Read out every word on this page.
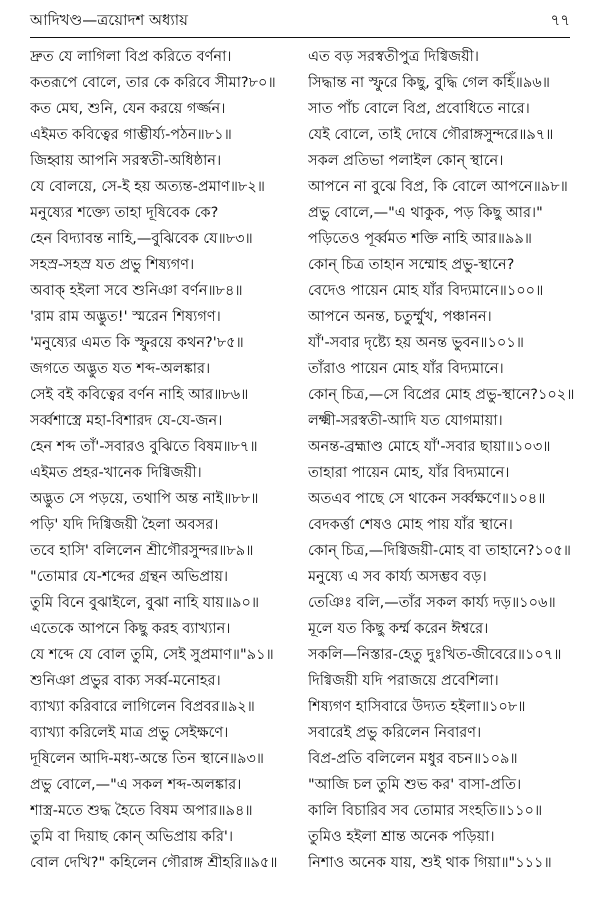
আদিখণ্ড—ত্রয়োদশ অধ্যায়	৭৭
দ্রুত যে লাগিলা বিপ্র করিতে বর্ণনা।
কতরূপে বোলে, তার কে করিবে সীমা?৮০॥
কত মেঘ, শুনি, যেন করয়ে গর্জ্জন।
এইমত কবিত্বের গাম্ভীর্য্য-পঠন॥৮১॥
জিহ্বায় আপনি সরস্বতী-অধিষ্ঠান।
যে বোলয়ে, সে-ই হয় অত্যন্ত-প্রমাণ॥৮২॥
মনুষ্যের শক্ত্যে তাহা দূষিবেক কে?
হেন বিদ্যাবন্ত নাহি,—বুঝিবেক যে॥৮৩॥
সহস্র-সহস্র যত প্রভু শিষ্যগণ।
অবাক্ হইলা সবে শুনিঞা বর্ণন॥৮৪॥
'রাম রাম অদ্ভুত!' স্মরেন শিষ্যগণ।
'মনুষ্যের এমত কি স্ফুরয়ে কথন?'৮৫॥
জগতে অদ্ভুত যত শব্দ-অলঙ্কার।
সেই বই কবিত্বের বর্ণন নাহি আর॥৮৬॥
সর্ব্বশাস্ত্রে মহা-বিশারদ যে-যে-জন।
হেন শব্দ তাঁ'-সবারও বুঝিতে বিষম॥৮৭॥
এইমত প্রহর-খানেক দিগ্বিজয়ী।
অদ্ভুত সে পড়য়ে, তথাপি অন্ত নাই॥৮৮॥
পড়ি' যদি দিগ্বিজয়ী হৈলা অবসর।
তবে হাসি' বলিলেন শ্রীগৌরসুন্দর॥৮৯॥
"তোমার যে-শব্দের গ্রন্থন অভিপ্রায়।
তুমি বিনে বুঝাইলে, বুঝা নাহি যায়॥৯০॥
এতেকে আপনে কিছু করহ ব্যাখ্যান।
যে শব্দে যে বোল তুমি, সেই সুপ্রমাণ॥"৯১॥
শুনিঞা প্রভুর বাক্য সর্ব্ব-মনোহর।
ব্যাখ্যা করিবারে লাগিলেন বিপ্রবর॥৯২॥
ব্যাখ্যা করিলেই মাত্র প্রভু সেইক্ষণে।
দূষিলেন আদি-মধ্য-অন্তে তিন স্থানে॥৯৩॥
প্রভু বোলে,—"এ সকল শব্দ-অলঙ্কার।
শাস্ত্র-মতে শুদ্ধ হৈতে বিষম অপার॥৯৪॥
তুমি বা দিয়াছ কোন্ অভিপ্রায় করি'।
বোল দেখি?" কহিলেন গৌরাঙ্গ শ্রীহরি॥৯৫॥
এত বড় সরস্বতীপুত্র দিগ্বিজয়ী।
সিদ্ধান্ত না স্ফুরে কিছু, বুদ্ধি গেল কহিঁ॥৯৬॥
সাত পাঁচ বোলে বিপ্র, প্রবোধিতে নারে।
যেই বোলে, তাই দোষে গৌরাঙ্গসুন্দরে॥৯৭॥
সকল প্রতিভা পলাইল কোন্ স্থানে।
আপনে না বুঝে বিপ্র, কি বোলে আপনে॥৯৮॥
প্রভু বোলে,—"এ থাকুক, পড় কিছু আর।"
পড়িতেও পূর্ব্বমত শক্তি নাহি আর॥৯৯॥
কোন্ চিত্র তাহান সম্মোহ প্রভু-স্থানে?
বেদেও পায়েন মোহ যাঁর বিদ্যমানে॥১০০॥
আপনে অনন্ত, চতুর্ম্মুখ, পঞ্চানন।
যাঁ'-সবার দৃষ্ট্যে হয় অনন্ত ভুবন॥১০১॥
তাঁরাও পায়েন মোহ যাঁর বিদ্যমানে।
কোন্ চিত্র,—সে বিপ্রের মোহ প্রভু-স্থানে?১০২॥
লক্ষ্মী-সরস্বতী-আদি যত যোগমায়া।
অনন্ত-ব্রহ্মাণ্ড মোহে যাঁ'-সবার ছায়া॥১০৩॥
তাহারা পায়েন মোহ, যাঁর বিদ্যমানে।
অতএব পাছে সে থাকেন সর্ব্বক্ষণে॥১০৪॥
বেদকর্ত্তা শেষও মোহ পায় যাঁর স্থানে।
কোন্ চিত্র,—দিগ্বিজয়ী-মোহ বা তাহানে?১০৫॥
মনুষ্যে এ সব কার্য্য অসম্ভব বড়।
তেঞিঃ বলি,—তাঁর সকল কার্য্য দড়॥১০৬॥
মূলে যত কিছু কর্ম্ম করেন ঈশ্বরে।
সকলি—নিস্তার-হেতু দুঃখিত-জীবেরে॥১০৭॥
দিগ্বিজয়ী যদি পরাজয়ে প্রবেশিলা।
শিষ্যগণ হাসিবারে উদ্যত হইলা॥১০৮॥
সবারেই প্রভু করিলেন নিবারণ।
বিপ্র-প্রতি বলিলেন মধুর বচন॥১০৯॥
"আজি চল তুমি শুভ কর' বাসা-প্রতি।
কালি বিচারিব সব তোমার সংহতি॥১১০॥
তুমিও হইলা শ্রান্ত অনেক পড়িয়া।
নিশাও অনেক যায়, শুই থাক গিয়া॥"১১১॥
